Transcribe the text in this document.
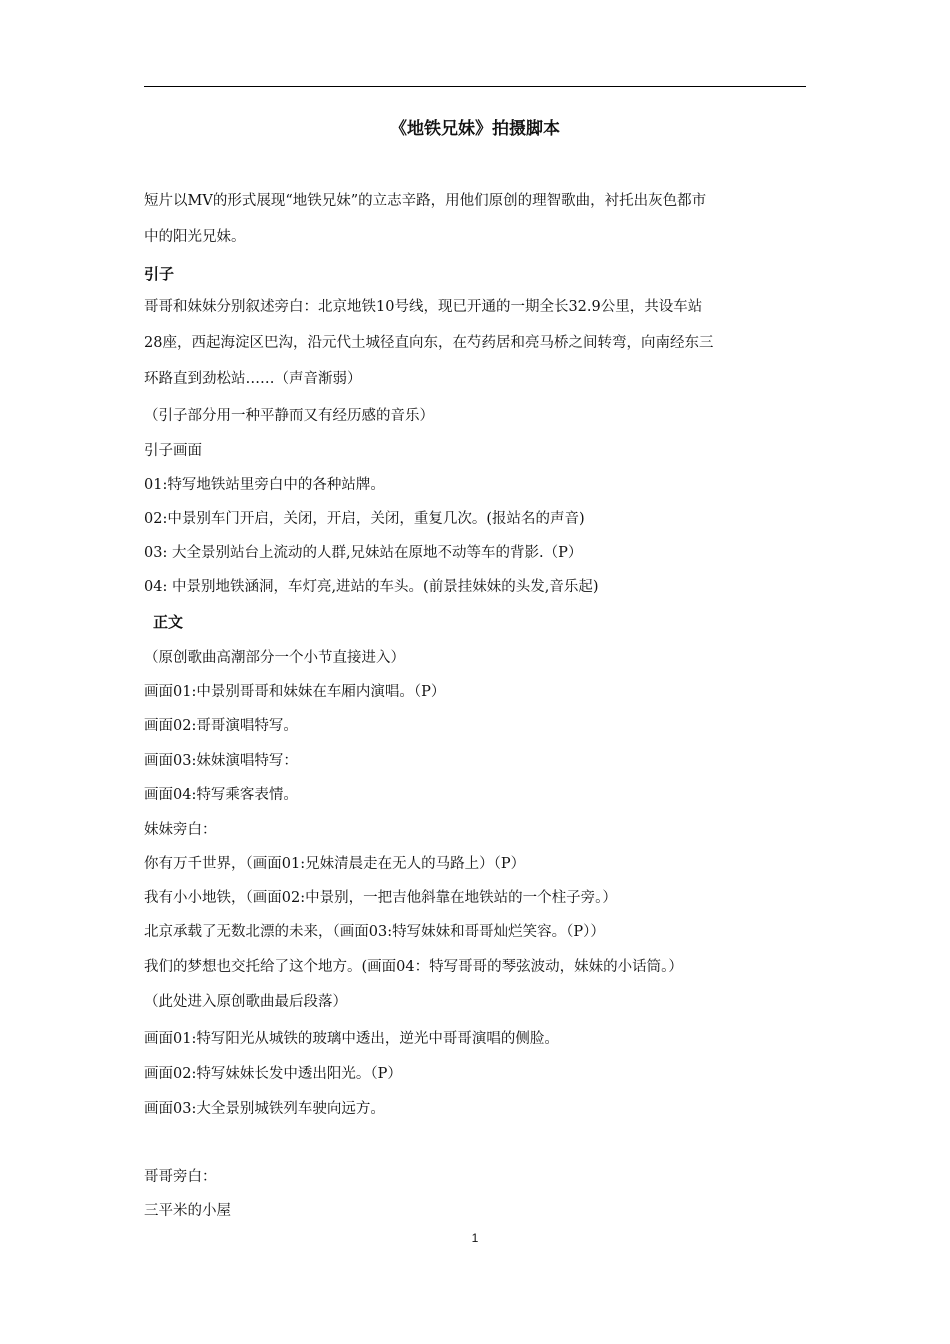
《地铁兄妹》拍摄脚本
短片以MV的形式展现“地铁兄妹”的立志辛路，用他们原创的理智歌曲，衬托出灰色都市
中的阳光兄妹。
引子
哥哥和妹妹分别叙述旁白：北京地铁10号线，现已开通的一期全长32.9公里，共设车站
28座，西起海淀区巴沟，沿元代土城径直向东，在芍药居和亮马桥之间转弯，向南经东三
环路直到劲松站……（声音渐弱）
（引子部分用一种平静而又有经历感的音乐）
引子画面
01:特写地铁站里旁白中的各种站牌。
02:中景别车门开启，关闭，开启，关闭，重复几次。(报站名的声音)
03: 大全景别站台上流动的人群,兄妹站在原地不动等车的背影.（P）
04: 中景别地铁涵洞，车灯亮,进站的车头。(前景挂妹妹的头发,音乐起)
正文
（原创歌曲高潮部分一个小节直接进入）
画面01:中景别哥哥和妹妹在车厢内演唱。（P）
画面02:哥哥演唱特写。
画面03:妹妹演唱特写：
画面04:特写乘客表情。
妹妹旁白：
你有万千世界，（画面01:兄妹清晨走在无人的马路上）（P）
我有小小地铁，（画面02:中景别，一把吉他斜靠在地铁站的一个柱子旁。）
北京承载了无数北漂的未来，（画面03:特写妹妹和哥哥灿烂笑容。（P））
我们的梦想也交托给了这个地方。(画面04：特写哥哥的琴弦波动，妹妹的小话筒。）
（此处进入原创歌曲最后段落）
画面01:特写阳光从城铁的玻璃中透出，逆光中哥哥演唱的侧脸。
画面02:特写妹妹长发中透出阳光。（P）
画面03:大全景别城铁列车驶向远方。
哥哥旁白：
三平米的小屋
1
